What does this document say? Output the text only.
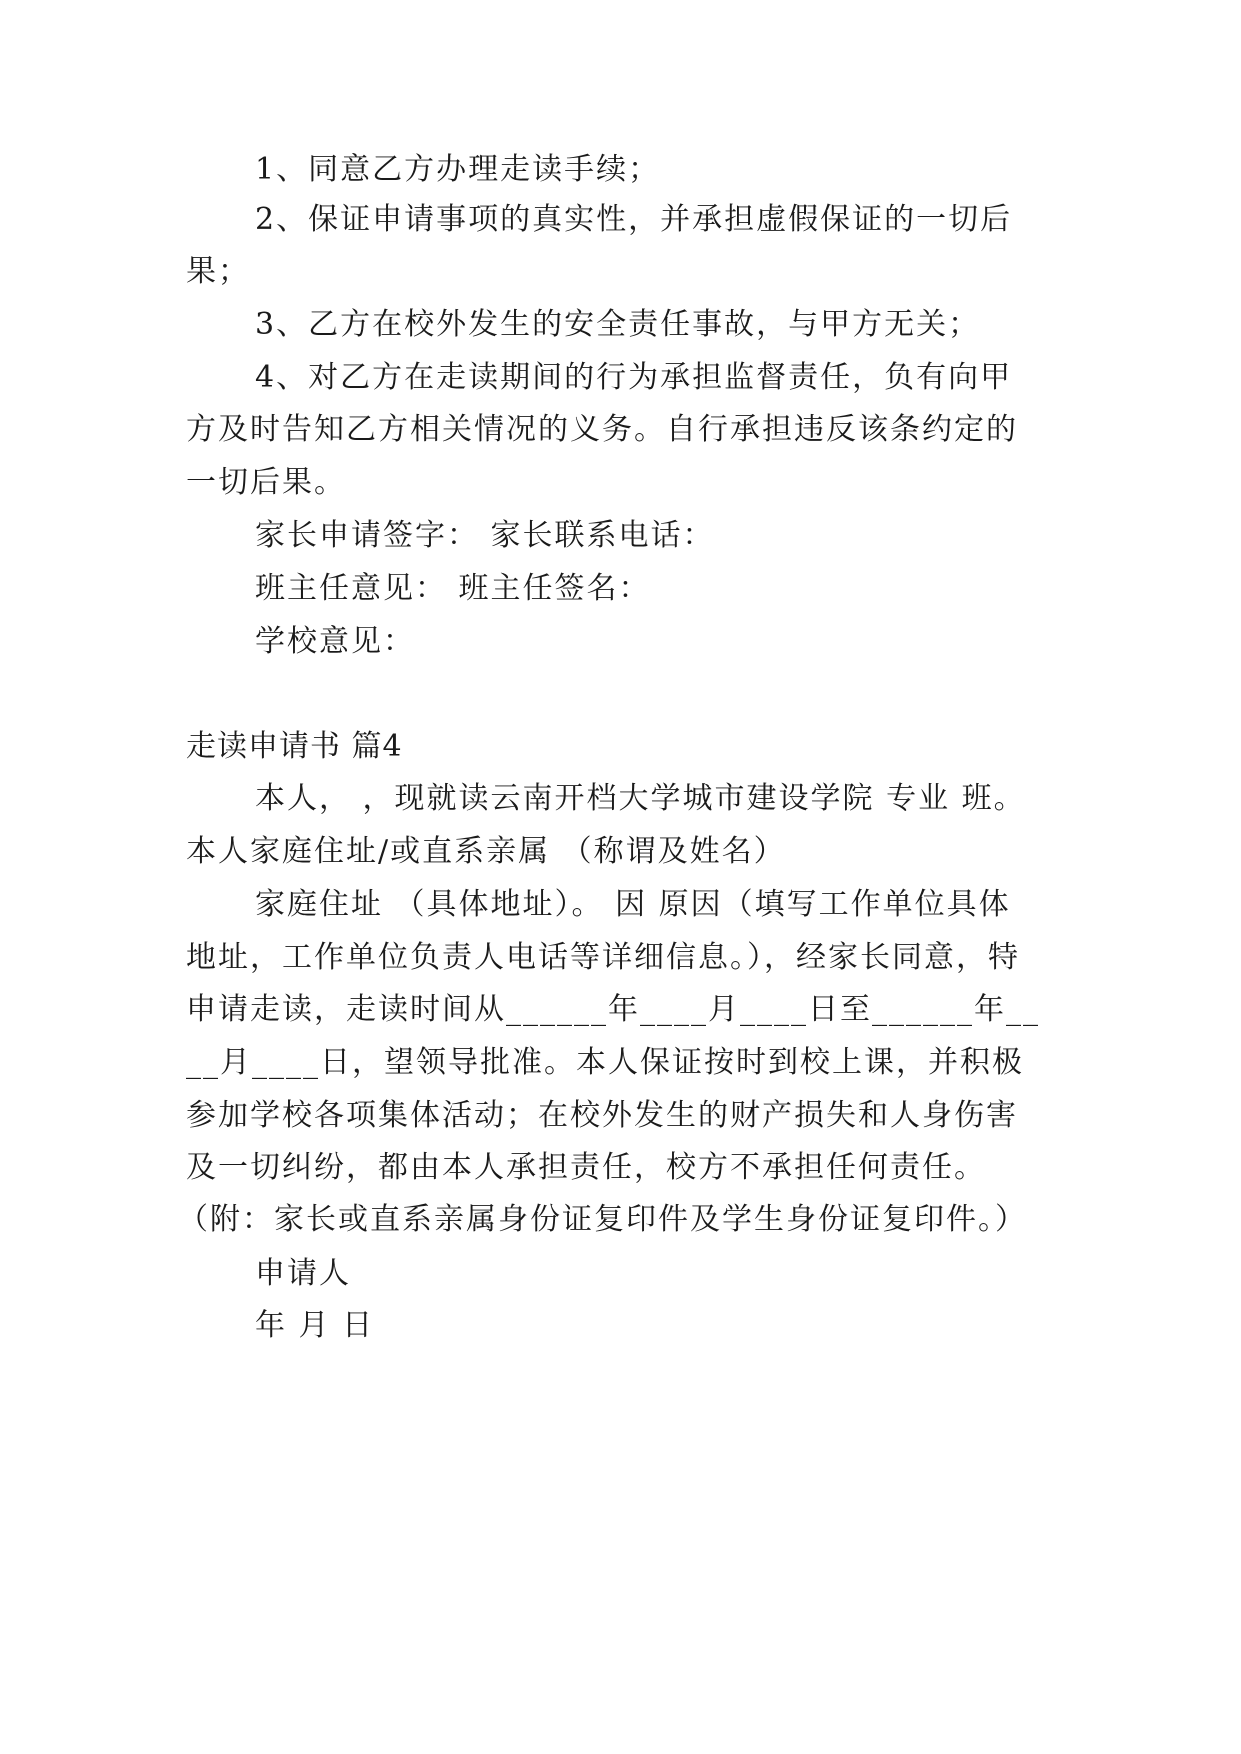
1、同意乙方办理走读手续；

2、保证申请事项的真实性，并承担虚假保证的一切后

果；

3、乙方在校外发生的安全责任事故，与甲方无关；

4、对乙方在走读期间的行为承担监督责任，负有向甲

方及时告知乙方相关情况的义务。自行承担违反该条约定的

一切后果。

家长申请签字： 家长联系电话：

班主任意见： 班主任签名：

学校意见：

走读申请书 篇4

本人， ，现就读云南开档大学城市建设学院 专业 班。

本人家庭住址/或直系亲属 （称谓及姓名）

家庭住址 （具体地址）。 因 原因（填写工作单位具体

地址，工作单位负责人电话等详细信息。），经家长同意，特

申请走读，走读时间从______年____月____日至______年__

__月____日，望领导批准。本人保证按时到校上课，并积极

参加学校各项集体活动；在校外发生的财产损失和人身伤害

及一切纠纷，都由本人承担责任，校方不承担任何责任。

（附：家长或直系亲属身份证复印件及学生身份证复印件。）

申请人

年 月 日
